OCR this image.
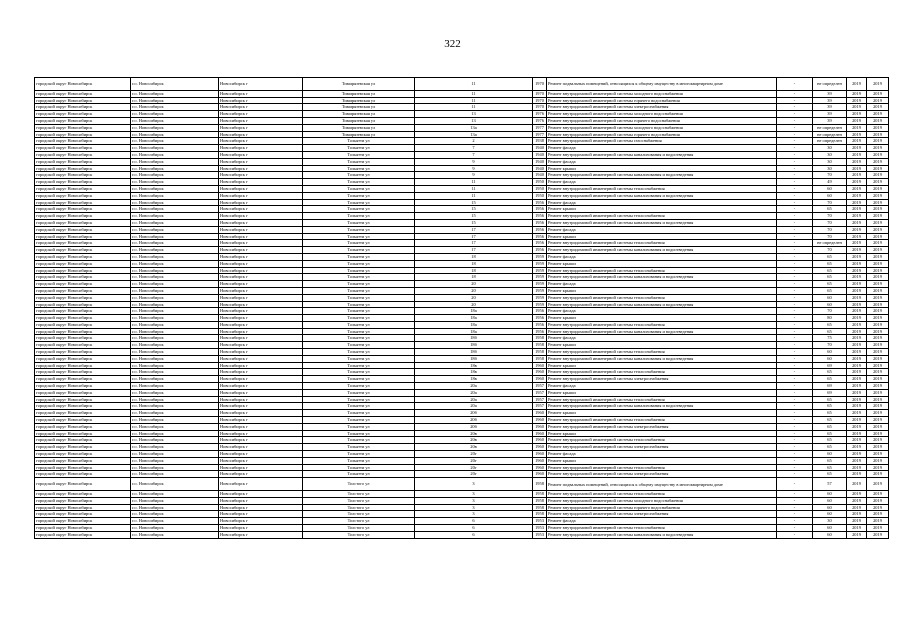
322
городской округ Новосибирск	г.о. Новосибирск	Новосибирск г	Тимирязевская ул	11	1970	Ремонт подвальных помещений, относящихся к общему имуществу в многоквартирном доме	-	не определен	2019	2019
городской округ Новосибирск	г.о. Новосибирск	Новосибирск г	Тимирязевская ул	11	1970	Ремонт внутридомовой инженерной системы холодного водоснабжения	-	39	2019	2019
городской округ Новосибирск	г.о. Новосибирск	Новосибирск г	Тимирязевская ул	11	1970	Ремонт внутридомовой инженерной системы горячего водоснабжения	-	39	2019	2019
городской округ Новосибирск	г.о. Новосибирск	Новосибирск г	Тимирязевская ул	11	1970	Ремонт внутридомовой инженерной системы электроснабжения	-	39	2019	2019
городской округ Новосибирск	г.о. Новосибирск	Новосибирск г	Тимирязевская ул	13	1976	Ремонт внутридомовой инженерной системы холодного водоснабжения	-	39	2019	2019
городской округ Новосибирск	г.о. Новосибирск	Новосибирск г	Тимирязевская ул	13	1976	Ремонт внутридомовой инженерной системы горячего водоснабжения	-	39	2019	2019
городской округ Новосибирск	г.о. Новосибирск	Новосибирск г	Тимирязевская ул	13а	1977	Ремонт внутридомовой инженерной системы холодного водоснабжения	-	не определен	2019	2019
городской округ Новосибирск	г.о. Новосибирск	Новосибирск г	Тимирязевская ул	13а	1977	Ремонт внутридомовой инженерной системы горячего водоснабжения	-	не определен	2019	2019
городской округ Новосибирск	г.о. Новосибирск	Новосибирск г	Тольятти ул	2	1938	Ремонт внутридомовой инженерной системы газоснабжения	-	не определен	2019	2019
городской округ Новосибирск	г.о. Новосибирск	Новосибирск г	Тольятти ул	7	1940	Ремонт фасада	-	30	2019	2019
городской округ Новосибирск	г.о. Новосибирск	Новосибирск г	Тольятти ул	7	1940	Ремонт внутридомовой инженерной системы канализования и водоотведения	-	30	2019	2019
городской округ Новосибирск	г.о. Новосибирск	Новосибирск г	Тольятти ул	9	1940	Ремонт фасада	-	30	2019	2019
городской округ Новосибирск	г.о. Новосибирск	Новосибирск г	Тольятти ул	9	1940	Ремонт крыши	-	30	2019	2019
городской округ Новосибирск	г.о. Новосибирск	Новосибирск г	Тольятти ул	9	1940	Ремонт внутридомовой инженерной системы канализования и водоотведения	-	70	2019	2019
городской округ Новосибирск	г.о. Новосибирск	Новосибирск г	Тольятти ул	11	1950	Ремонт фасада	-	49	2019	2019
городской округ Новосибирск	г.о. Новосибирск	Новосибирск г	Тольятти ул	11	1950	Ремонт внутридомовой инженерной системы теплоснабжения	-	60	2019	2019
городской округ Новосибирск	г.о. Новосибирск	Новосибирск г	Тольятти ул	11	1950	Ремонт внутридомовой инженерной системы канализования и водоотведения	-	60	2019	2019
городской округ Новосибирск	г.о. Новосибирск	Новосибирск г	Тольятти ул	15	1956	Ремонт фасада	-	70	2019	2019
городской округ Новосибирск	г.о. Новосибирск	Новосибирск г	Тольятти ул	15	1956	Ремонт крыши	-	65	2019	2019
городской округ Новосибирск	г.о. Новосибирск	Новосибирск г	Тольятти ул	15	1956	Ремонт внутридомовой инженерной системы теплоснабжения	-	70	2019	2019
городской округ Новосибирск	г.о. Новосибирск	Новосибирск г	Тольятти ул	15	1956	Ремонт внутридомовой инженерной системы канализования и водоотведения	-	70	2019	2019
городской округ Новосибирск	г.о. Новосибирск	Новосибирск г	Тольятти ул	17	1956	Ремонт фасада	-	70	2019	2019
городской округ Новосибирск	г.о. Новосибирск	Новосибирск г	Тольятти ул	17	1956	Ремонт крыши	-	70	2019	2019
городской округ Новосибирск	г.о. Новосибирск	Новосибирск г	Тольятти ул	17	1956	Ремонт внутридомовой инженерной системы теплоснабжения	-	не определен	2019	2019
городской округ Новосибирск	г.о. Новосибирск	Новосибирск г	Тольятти ул	17	1956	Ремонт внутридомовой инженерной системы канализования и водоотведения	-	70	2019	2019
городской округ Новосибирск	г.о. Новосибирск	Новосибирск г	Тольятти ул	18	1959	Ремонт фасада	-	65	2019	2019
городской округ Новосибирск	г.о. Новосибирск	Новосибирск г	Тольятти ул	18	1959	Ремонт крыши	-	65	2019	2019
городской округ Новосибирск	г.о. Новосибирск	Новосибирск г	Тольятти ул	18	1959	Ремонт внутридомовой инженерной системы теплоснабжения	-	65	2019	2019
городской округ Новосибирск	г.о. Новосибирск	Новосибирск г	Тольятти ул	18	1959	Ремонт внутридомовой инженерной системы канализования и водоотведения	-	65	2019	2019
городской округ Новосибирск	г.о. Новосибирск	Новосибирск г	Тольятти ул	20	1959	Ремонт фасада	-	65	2019	2019
городской округ Новосибирск	г.о. Новосибирск	Новосибирск г	Тольятти ул	20	1959	Ремонт крыши	-	65	2019	2019
городской округ Новосибирск	г.о. Новосибирск	Новосибирск г	Тольятти ул	20	1959	Ремонт внутридомовой инженерной системы теплоснабжения	-	60	2019	2019
городской округ Новосибирск	г.о. Новосибирск	Новосибирск г	Тольятти ул	20	1959	Ремонт внутридомовой инженерной системы канализования и водоотведения	-	60	2019	2019
городской округ Новосибирск	г.о. Новосибирск	Новосибирск г	Тольятти ул	18а	1956	Ремонт фасада	-	70	2019	2019
городской округ Новосибирск	г.о. Новосибирск	Новосибирск г	Тольятти ул	18а	1956	Ремонт крыши	-	80	2019	2019
городской округ Новосибирск	г.о. Новосибирск	Новосибирск г	Тольятти ул	18а	1956	Ремонт внутридомовой инженерной системы теплоснабжения	-	65	2019	2019
городской округ Новосибирск	г.о. Новосибирск	Новосибирск г	Тольятти ул	18а	1956	Ремонт внутридомовой инженерной системы канализования и водоотведения	-	65	2019	2019
городской округ Новосибирск	г.о. Новосибирск	Новосибирск г	Тольятти ул	18б	1958	Ремонт фасада	-	75	2019	2019
городской округ Новосибирск	г.о. Новосибирск	Новосибирск г	Тольятти ул	18б	1958	Ремонт крыши	-	70	2019	2019
городской округ Новосибирск	г.о. Новосибирск	Новосибирск г	Тольятти ул	18б	1958	Ремонт внутридомовой инженерной системы теплоснабжения	-	60	2019	2019
городской округ Новосибирск	г.о. Новосибирск	Новосибирск г	Тольятти ул	18б	1958	Ремонт внутридомовой инженерной системы канализования и водоотведения	-	60	2019	2019
городской округ Новосибирск	г.о. Новосибирск	Новосибирск г	Тольятти ул	18в	1960	Ремонт крыши	-	69	2019	2019
городской округ Новосибирск	г.о. Новосибирск	Новосибирск г	Тольятти ул	18в	1960	Ремонт внутридомовой инженерной системы теплоснабжения	-	65	2019	2019
городской округ Новосибирск	г.о. Новосибирск	Новосибирск г	Тольятти ул	18в	1960	Ремонт внутридомовой инженерной системы электроснабжения	-	65	2019	2019
городской округ Новосибирск	г.о. Новосибирск	Новосибирск г	Тольятти ул	20а	1957	Ремонт фасада	-	69	2019	2019
городской округ Новосибирск	г.о. Новосибирск	Новосибирск г	Тольятти ул	20а	1957	Ремонт крыши	-	69	2019	2019
городской округ Новосибирск	г.о. Новосибирск	Новосибирск г	Тольятти ул	20а	1957	Ремонт внутридомовой инженерной системы теплоснабжения	-	65	2019	2019
городской округ Новосибирск	г.о. Новосибирск	Новосибирск г	Тольятти ул	20а	1957	Ремонт внутридомовой инженерной системы канализования и водоотведения	-	65	2019	2019
городской округ Новосибирск	г.о. Новосибирск	Новосибирск г	Тольятти ул	20б	1960	Ремонт крыши	-	65	2019	2019
городской округ Новосибирск	г.о. Новосибирск	Новосибирск г	Тольятти ул	20б	1960	Ремонт внутридомовой инженерной системы теплоснабжения	-	65	2019	2019
городской округ Новосибирск	г.о. Новосибирск	Новосибирск г	Тольятти ул	20б	1960	Ремонт внутридомовой инженерной системы электроснабжения	-	65	2019	2019
городской округ Новосибирск	г.о. Новосибирск	Новосибирск г	Тольятти ул	20в	1960	Ремонт крыши	-	65	2019	2019
городской округ Новосибирск	г.о. Новосибирск	Новосибирск г	Тольятти ул	20в	1960	Ремонт внутридомовой инженерной системы теплоснабжения	-	65	2019	2019
городской округ Новосибирск	г.о. Новосибирск	Новосибирск г	Тольятти ул	20в	1960	Ремонт внутридомовой инженерной системы электроснабжения	-	65	2019	2019
городской округ Новосибирск	г.о. Новосибирск	Новосибирск г	Тольятти ул	20г	1960	Ремонт фасада	-	60	2019	2019
городской округ Новосибирск	г.о. Новосибирск	Новосибирск г	Тольятти ул	20г	1960	Ремонт крыши	-	65	2019	2019
городской округ Новосибирск	г.о. Новосибирск	Новосибирск г	Тольятти ул	20г	1960	Ремонт внутридомовой инженерной системы теплоснабжения	-	65	2019	2019
городской округ Новосибирск	г.о. Новосибирск	Новосибирск г	Тольятти ул	20г	1960	Ремонт внутридомовой инженерной системы электроснабжения	-	65	2019	2019
городской округ Новосибирск	г.о. Новосибирск	Новосибирск г	Толстого ул	3	1958	Ремонт подвальных помещений, относящихся к общему имуществу в многоквартирном доме	-	57	2019	2019
городской округ Новосибирск	г.о. Новосибирск	Новосибирск г	Толстого ул	3	1958	Ремонт внутридомовой инженерной системы теплоснабжения	-	60	2019	2019
городской округ Новосибирск	г.о. Новосибирск	Новосибирск г	Толстого ул	3	1958	Ремонт внутридомовой инженерной системы холодного водоснабжения	-	60	2019	2019
городской округ Новосибирск	г.о. Новосибирск	Новосибирск г	Толстого ул	3	1958	Ремонт внутридомовой инженерной системы горячего водоснабжения	-	60	2019	2019
городской округ Новосибирск	г.о. Новосибирск	Новосибирск г	Толстого ул	3	1958	Ремонт внутридомовой инженерной системы электроснабжения	-	60	2019	2019
городской округ Новосибирск	г.о. Новосибирск	Новосибирск г	Толстого ул	6	1953	Ремонт фасада	-	30	2019	2019
городской округ Новосибирск	г.о. Новосибирск	Новосибирск г	Толстого ул	6	1953	Ремонт внутридомовой инженерной системы теплоснабжения	-	60	2019	2019
городской округ Новосибирск	г.о. Новосибирск	Новосибирск г	Толстого ул	6	1953	Ремонт внутридомовой инженерной системы канализования и водоотведения	-	60	2019	2019
